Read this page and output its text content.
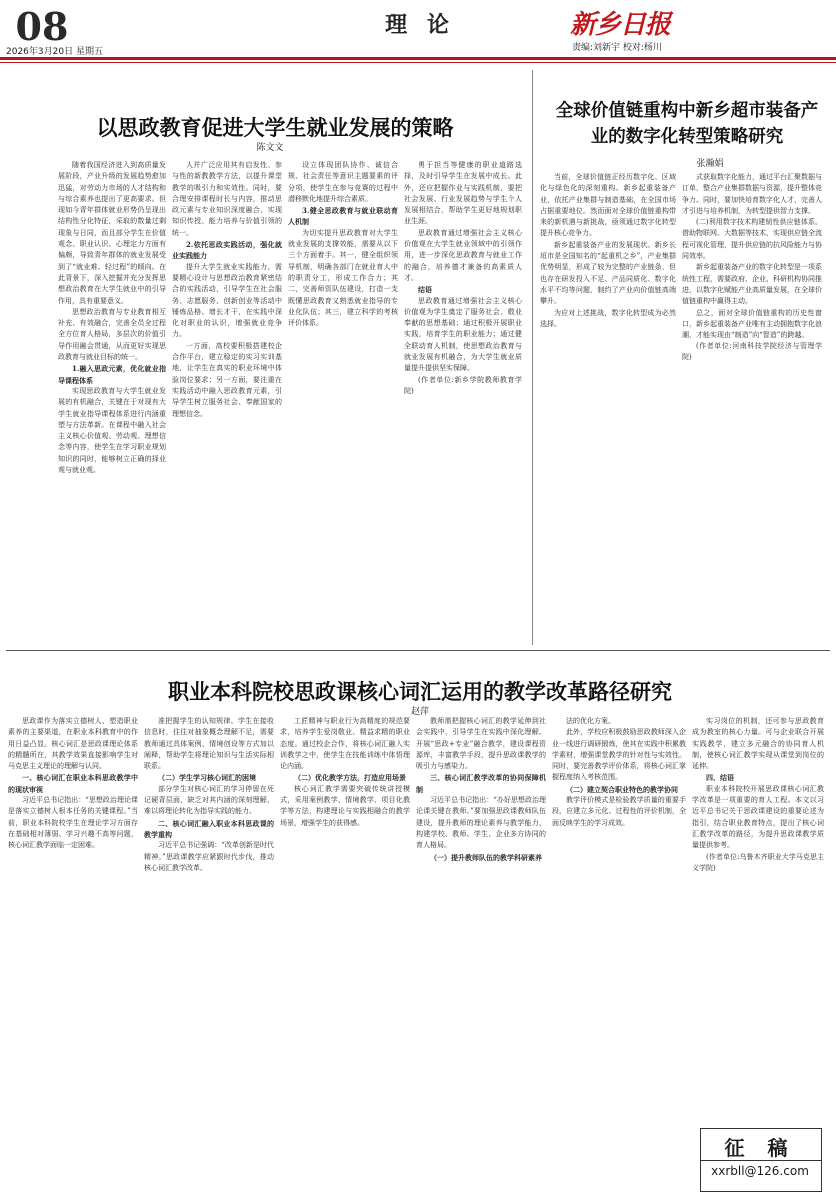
08
2026年3月20日 星期五
理 论	新乡日报
责编:刘新宇 校对:杨川
以思政教育促进大学生就业发展的策略
陈文文

随着我国经济进入到高质量发展阶段，产业升级的发展趋势愈加迅猛，对劳动力市场的人才结构和与综合素养也提出了更高要求。但现如今青年群体就业形势仍呈现出结构性分化特征，采取的数量过剩现象与日同，而且部分学生在价值观念、职业认识、心理定力方面有偏颇，导致青年群体的就业发展受到了“就业难、轻过程”的倾向。在此背景下，深入挖掘并充分发挥思想政治教育在大学生就业中的引导作用，具有重要意义。

思想政治教育与专业教育相互补充、有效融合，完善全员全过程全方位育人格局，多层次的价值引导作用融会贯通，从而更好实现思政教育与就业目标的统一。

1.融入思政元素，优化就业指导课程体系

实现思政教育与大学生就业发展的有机融合，关键在于对现有大学生就业指导课程体系进行内涵重塑与方法革新。在课程中融入社会主义核心价值观、劳动观、理想信念等内容，使学生在学习职业规划知识的同时，能够树立正确的择业观与就业观。

人并广泛应用其有启发性、参与性的新教教学方法，以提升课堂教学的吸引力和实效性。同时，要合理安排课程时长与内容，推动思政元素与专业知识深度融合，实现知识传授、能力培养与价值引领的统一。

2.依托思政实践活动，强化就业实践能力

提升大学生就业实践能力，需要精心设计与思想政治教育紧密结合的实践活动，引导学生在社会服务、志愿服务、创新创业等活动中锤炼品格、增长才干，在实践中深化对职业的认识，增强就业竞争力。

一方面，高校要积极搭建校企合作平台，建立稳定的实习实训基地，让学生在真实的职业环境中体验岗位要求；另一方面，要注重在实践活动中融入思政教育元素，引导学生树立服务社会、奉献国家的理想信念。

设立体现团队协作、诚信合规、社会责任等意识主题要素的评分项，使学生在参与竞赛的过程中潜移默化地提升综合素质。

3.健全思政教育与就业联动育人机制

为切实提升思政教育对大学生就业发展的支撑效能，需要从以下三个方面着手。其一，健全组织领导机制，明确各部门在就业育人中的职责分工，形成工作合力；其二，完善师资队伍建设，打造一支既懂思政教育又熟悉就业指导的专业化队伍；其三，建立科学的考核评价体系。

勇于担当等健康的职业道路选择，及时引导学生在发展中成长。此外，还应把握作业与实践机制，要把社会发展、行业发展趋势与学生个人发展相结合，帮助学生更好地规划职业生涯。

思政教育通过增强社会主义核心价值观在大学生就业领域中的引领作用，进一步深化思政教育与就业工作的融合，培养德才兼备的高素质人才。

结语

思政教育通过增强社会主义核心价值观为学生奠定了服务社会、敬业奉献的思想基础；通过积极开展职业实践，培育学生的职业能力；通过健全联动育人机制，使思想政治教育与就业发展有机融合，为大学生就业质量提升提供坚实保障。

(作者单位:新乡学院教师教育学院)

全球价值链重构中新乡超市装备产业的数字化转型策略研究
张瀚娟

当前，全球价值链正经历数字化、区域化与绿色化的深刻重构。新乡起重装备产业，依托产业集群与制造基础，在全国市场占据重要地位。然而面对全球价值链重构带来的新机遇与新挑战，亟须通过数字化转型提升核心竞争力。

新乡起重装备产业的发展现状。新乡长垣市是全国知名的“起重机之乡”，产业集群优势明显，形成了较为完整的产业链条，但也存在研发投入不足、产品同质化、数字化水平不均等问题，制约了产业向价值链高端攀升。

为应对上述挑战，数字化转型成为必然选择。

式获取数字化能力，通过平台汇聚数据与订单，整合产业集群数据与资源，提升整体竞争力。同时，要加快培育数字化人才，完善人才引进与培养机制，为转型提供智力支撑。

(二)利用数字技术构建韧性供应链体系。借助物联网、大数据等技术，实现供应链全流程可视化管理，提升供应链的抗风险能力与协同效率。

新乡起重装备产业的数字化转型是一项系统性工程，需要政府、企业、科研机构协同推进，以数字化赋能产业高质量发展，在全球价值链重构中赢得主动。

总之，面对全球价值链重构的历史性窗口，新乡起重装备产业唯有主动拥抱数字化浪潮，才能实现由“制造”向“智造”的跨越。

(作者单位:河南科技学院经济与管理学院)

职业本科院校思政课核心词汇运用的教学改革路径研究
赵萍

思政课作为落实立德树人、塑造职业素养的主要渠道，在职业本科教育中的作用日益凸显。核心词汇是思政课理论体系的精髓所在，其教学效果直接影响学生对马克思主义理论的理解与认同。

一、核心词汇在职业本科思政教学中的现状审视

习近平总书记指出：“思想政治理论课是落实立德树人根本任务的关键课程。”当前，职业本科院校学生在理论学习方面存在基础相对薄弱、学习兴趣不高等问题，核心词汇教学面临一定困难。

准把握学生的认知规律。学生在接收信息时，往往对抽象概念理解不足，需要教师通过具体案例、情境创设等方式加以阐释，帮助学生将理论知识与生活实际相联系。

（二）学生学习核心词汇的困境

部分学生对核心词汇的学习停留在死记硬背层面，缺乏对其内涵的深刻理解，难以将理论转化为指导实践的能力。

二、核心词汇融入职业本科思政课的教学重构

习近平总书记强调：“改革创新是时代精神。”思政课教学应紧跟时代步伐，推动核心词汇教学改革。

工匠精神与职业行为高精度的规范要求，培养学生爱岗敬业、精益求精的职业态度。通过校企合作，将核心词汇融入实训教学之中，使学生在技能训练中体悟理论内涵。

（二）优化教学方法，打造应用场景

核心词汇教学需要突破传统讲授模式，采用案例教学、情境教学、项目化教学等方法，构建理论与实践相融合的教学场景，增强学生的获得感。

教师需把握核心词汇的教学延伸到社会实践中，引导学生在实践中深化理解。开展“思政+专业”融合教学，建设课程资源库，丰富教学手段，提升思政课教学的吸引力与感染力。

三、核心词汇教学改革的协同保障机制

习近平总书记指出：“办好思想政治理论课关键在教师。”要加强思政课教师队伍建设，提升教师的理论素养与教学能力，构建学校、教师、学生、企业多方协同的育人格局。

（一）提升教师队伍的教学科研素养

法的优化方案。

此外，学校应积极鼓励思政教师深入企业一线进行调研锻炼，使其在实践中积累教学素材，增强课堂教学的针对性与实效性。同时，要完善教学评价体系，将核心词汇掌握程度纳入考核范围。

（二）建立契合职业特色的教学协同

教学评价模式是检验教学质量的重要手段，应建立多元化、过程性的评价机制，全面反映学生的学习成效。

实习岗位的机制，还可参与思政教育成为教室的核心力量。可与企业联合开展实践教学，建立多元融合的协同育人机制，使核心词汇教学实现从课堂到岗位的延伸。

四、结语

职业本科院校开展思政课核心词汇教学改革是一项重要的育人工程。本文以习近平总书记关于思政课建设的重要论述为指引，结合职业教育特点，提出了核心词汇教学改革的路径，为提升思政课教学质量提供参考。

(作者单位:乌鲁木齐职业大学马克思主义学院)

征 稿
xxrbll@126.com
